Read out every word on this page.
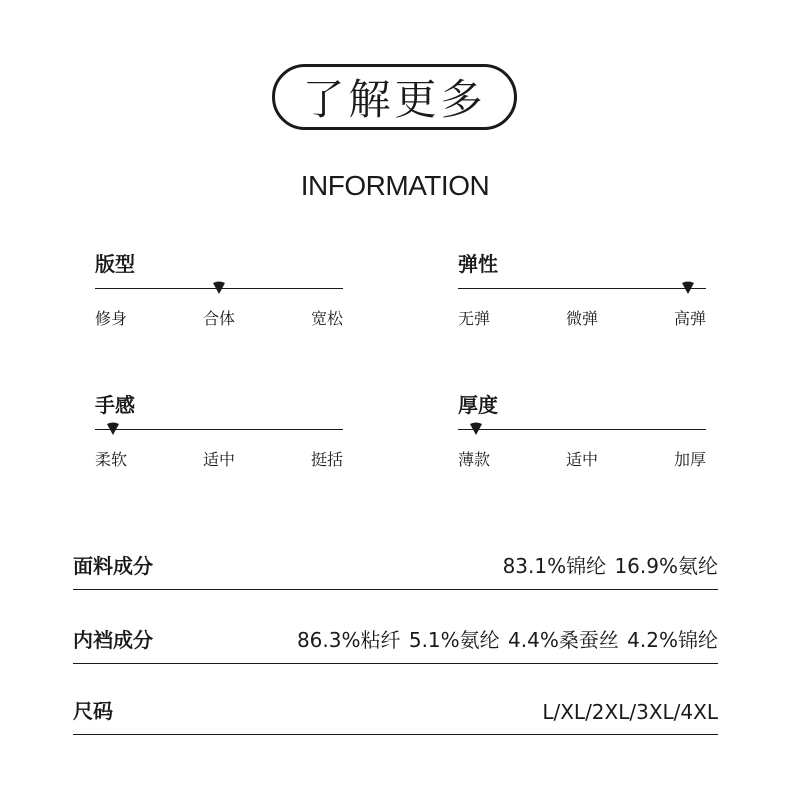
了解更多
INFORMATION
版型
修身	合体	宽松
弹性
无弹	微弹	高弹
手感
柔软	适中	挺括
厚度
薄款	适中	加厚
面料成分	83.1%锦纶 16.9%氨纶
内裆成分	86.3%粘纤 5.1%氨纶 4.4%桑蚕丝 4.2%锦纶
尺码	L/XL/2XL/3XL/4XL
